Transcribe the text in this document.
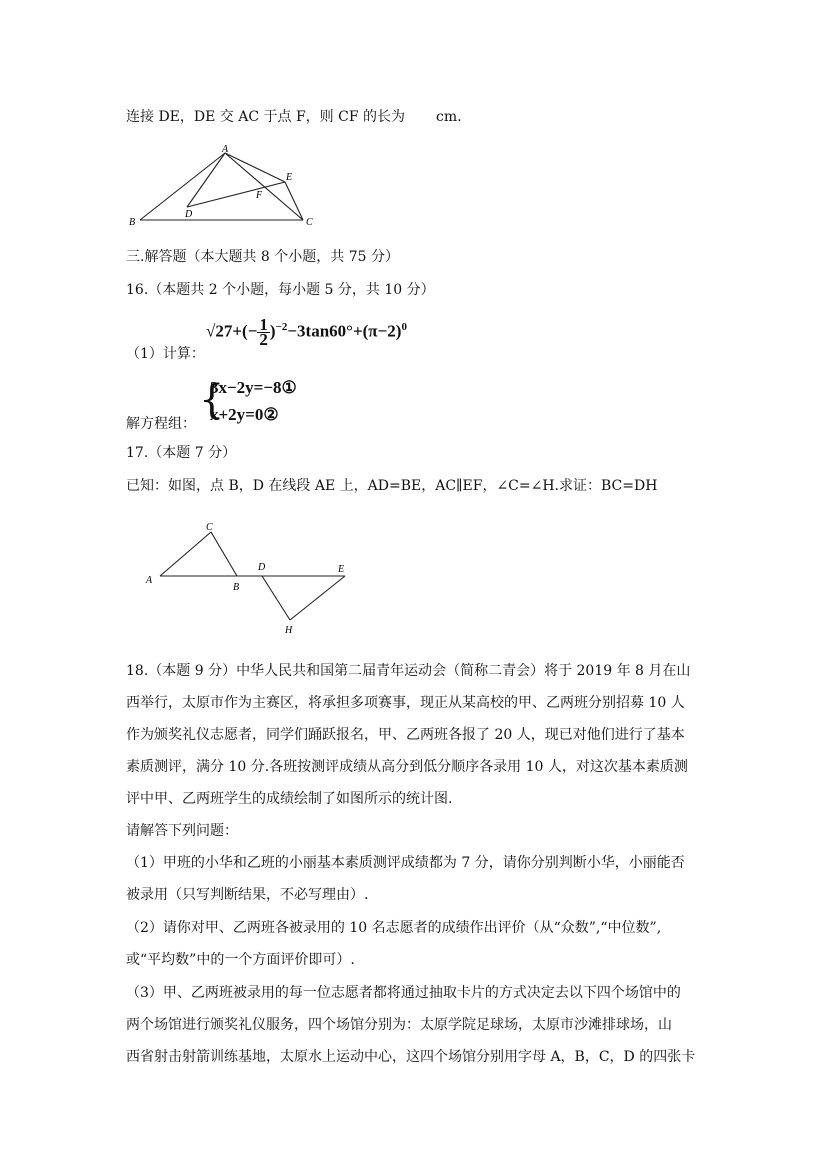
连接 DE，DE 交 AC 于点 F，则 CF 的长为 cm.
A
B	C
D
E
F
三.解答题（本大题共 8 个小题，共 75 分）
16.（本题共 2 个小题，每小题 5 分，共 10 分）
（1）计算：
$√27+(- \frac{1}{2} )^{-2}-3\tan 60^\circ+(\pi-2)^0$
解方程组：
{
3x−2y=−8①
x+2y=0②
17.（本题 7 分）
已知：如图，点 B，D 在线段 AE 上，AD=BE，AC∥EF，∠C=∠H.求证：BC=DH
A
B
C
D	E
H
18.（本题 9 分）中华人民共和国第二届青年运动会（简称二青会）将于 2019 年 8 月在山
西举行，太原市作为主赛区，将承担多项赛事，现正从某高校的甲、乙两班分别招募 10 人
作为颁奖礼仪志愿者，同学们踊跃报名，甲、乙两班各报了 20 人，现已对他们进行了基本
素质测评，满分 10 分.各班按测评成绩从高分到低分顺序各录用 10 人，对这次基本素质测
评中甲、乙两班学生的成绩绘制了如图所示的统计图.
请解答下列问题：
（1）甲班的小华和乙班的小丽基本素质测评成绩都为 7 分，请你分别判断小华，小丽能否
被录用（只写判断结果，不必写理由）.
（2）请你对甲、乙两班各被录用的 10 名志愿者的成绩作出评价（从“众数”,“中位数”,
或“平均数”中的一个方面评价即可）.
（3）甲、乙两班被录用的每一位志愿者都将通过抽取卡片的方式决定去以下四个场馆中的
两个场馆进行颁奖礼仪服务，四个场馆分别为：太原学院足球场，太原市沙滩排球场，山
西省射击射箭训练基地，太原水上运动中心，这四个场馆分别用字母 A，B，C，D 的四张卡
